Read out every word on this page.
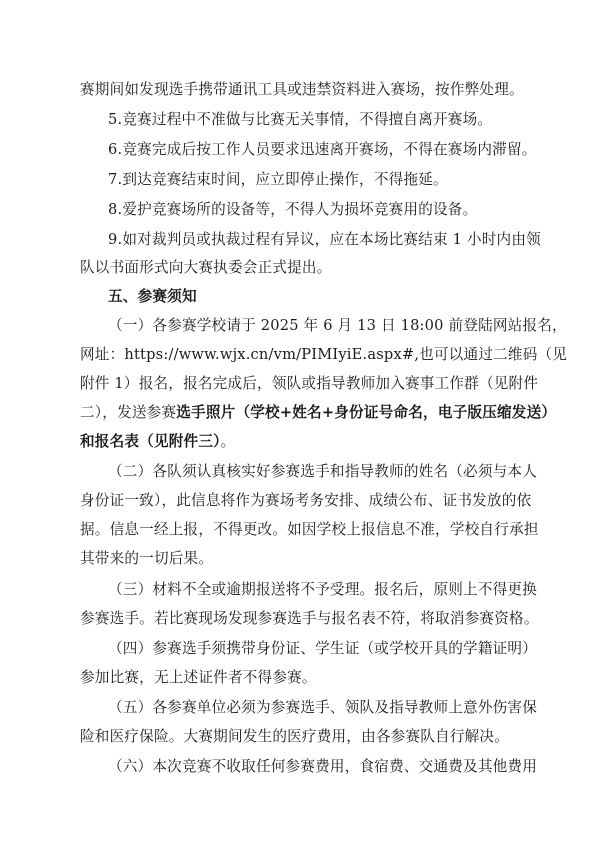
赛期间如发现选手携带通讯工具或违禁资料进入赛场，按作弊处理。
5.竞赛过程中不准做与比赛无关事情，不得擅自离开赛场。
6.竞赛完成后按工作人员要求迅速离开赛场，不得在赛场内滞留。
7.到达竞赛结束时间，应立即停止操作，不得拖延。
8.爱护竞赛场所的设备等，不得人为损坏竞赛用的设备。
9.如对裁判员或执裁过程有异议，应在本场比赛结束 1 小时内由领
队以书面形式向大赛执委会正式提出。
五、参赛须知
（一）各参赛学校请于 2025 年 6 月 13 日 18:00 前登陆网站报名，
网址：https://www.wjx.cn/vm/PIMIyiE.aspx#,也可以通过二维码（见
附件 1）报名，报名完成后，领队或指导教师加入赛事工作群（见附件
二），发送参赛选手照片（学校+姓名+身份证号命名，电子版压缩发送）
和报名表（见附件三）。
（二）各队须认真核实好参赛选手和指导教师的姓名（必须与本人
身份证一致），此信息将作为赛场考务安排、成绩公布、证书发放的依
据。信息一经上报，不得更改。如因学校上报信息不准，学校自行承担
其带来的一切后果。
（三）材料不全或逾期报送将不予受理。报名后，原则上不得更换
参赛选手。若比赛现场发现参赛选手与报名表不符，将取消参赛资格。
（四）参赛选手须携带身份证、学生证（或学校开具的学籍证明）
参加比赛，无上述证件者不得参赛。
（五）各参赛单位必须为参赛选手、领队及指导教师上意外伤害保
险和医疗保险。大赛期间发生的医疗费用，由各参赛队自行解决。
（六）本次竞赛不收取任何参赛费用，食宿费、交通费及其他费用
